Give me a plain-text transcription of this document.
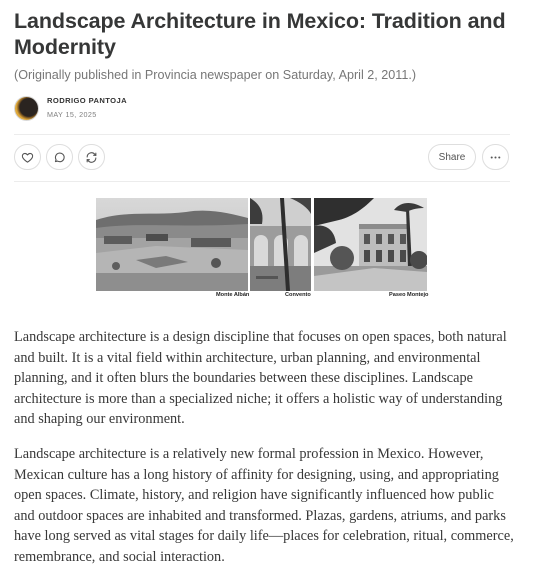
Landscape Architecture in Mexico: Tradition and Modernity

(Originally published in Provincia newspaper on Saturday, April 2, 2011.)

RODRIGO PANTOJA
MAY 15, 2025
Share
Monte Albán	Convento	Paseo Montejo

Landscape architecture is a design discipline that focuses on open spaces, both natural and built. It is a vital field within architecture, urban planning, and environmental planning, and it often blurs the boundaries between these disciplines. Landscape architecture is more than a specialized niche; it offers a holistic way of understanding and shaping our environment.

Landscape architecture is a relatively new formal profession in Mexico. However, Mexican culture has a long history of affinity for designing, using, and appropriating open spaces. Climate, history, and religion have significantly influenced how public and outdoor spaces are inhabited and transformed. Plazas, gardens, atriums, and parks have long served as vital stages for daily life—places for celebration, ritual, commerce, remembrance, and social interaction.
